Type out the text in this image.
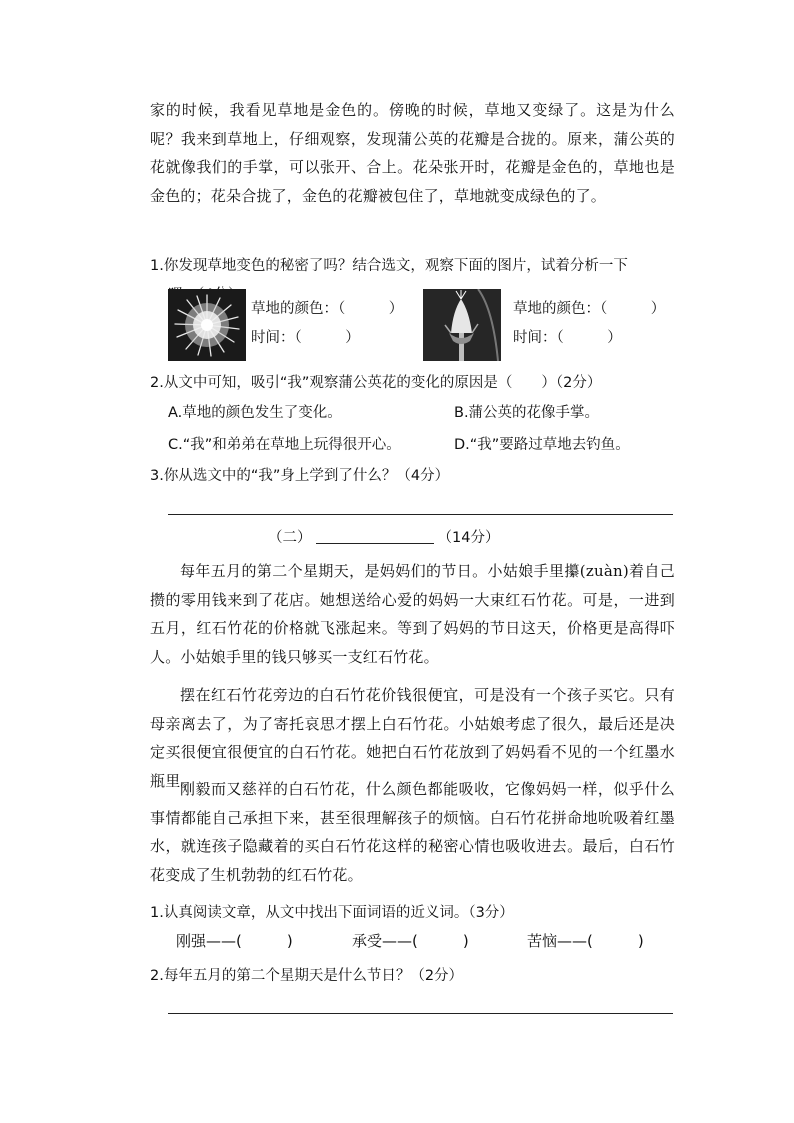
家的时候，我看见草地是金色的。傍晚的时候，草地又变绿了。这是为什么呢？我来到草地上，仔细观察，发现蒲公英的花瓣是合拢的。原来，蒲公英的花就像我们的手掌，可以张开、合上。花朵张开时，花瓣是金色的，草地也是金色的；花朵合拢了，金色的花瓣被包住了，草地就变成绿色的了。

1.你发现草地变色的秘密了吗？结合选文，观察下面的图片，试着分析一下

草地的颜色：（　　　）
时间：（　　　）
草地的颜色：（　　　）
时间：（　　　）

2.从文中可知，吸引“我”观察蒲公英花的变化的原因是（　　）（2分）

A.草地的颜色发生了变化。	B.蒲公英的花像手掌。
C.“我”和弟弟在草地上玩得很开心。	D.“我”要路过草地去钓鱼。

3.你从选文中的“我”身上学到了什么？（4分）

（二）	（14分）

每年五月的第二个星期天，是妈妈们的节日。小姑娘手里攥(zuàn)着自己攒的零用钱来到了花店。她想送给心爱的妈妈一大束红石竹花。可是，一进到五月，红石竹花的价格就飞涨起来。等到了妈妈的节日这天，价格更是高得吓人。小姑娘手里的钱只够买一支红石竹花。

摆在红石竹花旁边的白石竹花价钱很便宜，可是没有一个孩子买它。只有母亲离去了，为了寄托哀思才摆上白石竹花。小姑娘考虑了很久，最后还是决定买很便宜很便宜的白石竹花。她把白石竹花放到了妈妈看不见的一个红墨水瓶里。

刚毅而又慈祥的白石竹花，什么颜色都能吸收，它像妈妈一样，似乎什么事情都能自己承担下来，甚至很理解孩子的烦恼。白石竹花拼命地吮吸着红墨水，就连孩子隐藏着的买白石竹花这样的秘密心情也吸收进去。最后，白石竹花变成了生机勃勃的红石竹花。

1.认真阅读文章，从文中找出下面词语的近义词。（3分）

刚强——(　　　)	承受——(　　　)	苦恼——(　　　)

2.每年五月的第二个星期天是什么节日？（2分）
